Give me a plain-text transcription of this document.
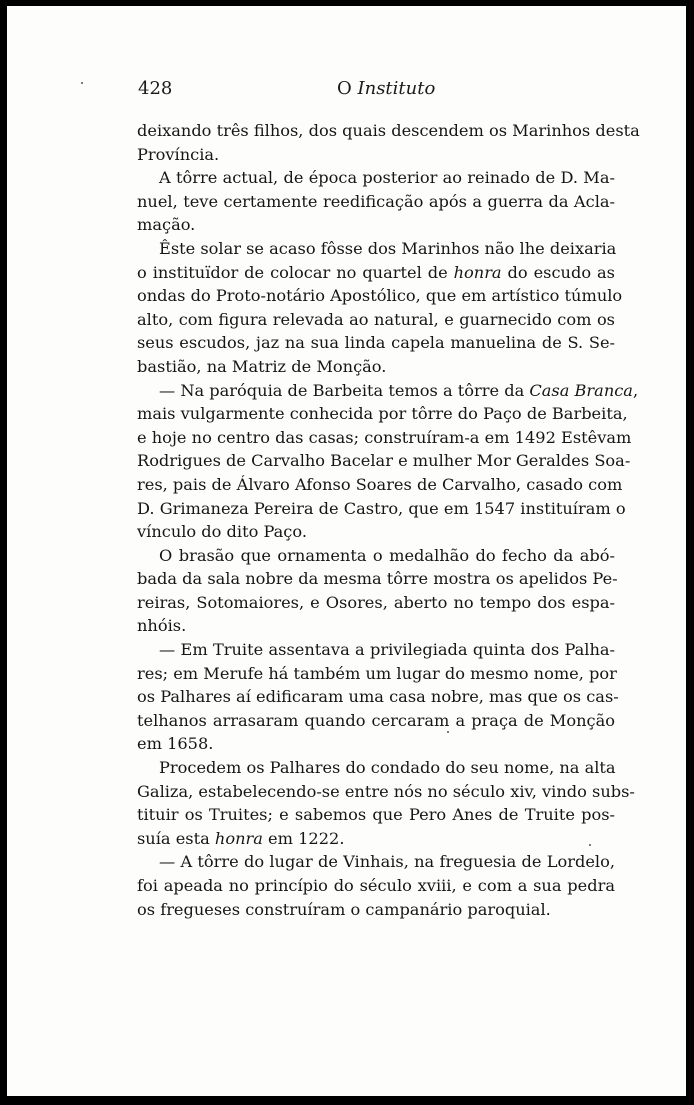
428	O Instituto
deixando três filhos, dos quais descendem os Marinhos desta
Província.
A tôrre actual, de época posterior ao reinado de D. Ma-
nuel, teve certamente reedificação após a guerra da Acla-
mação.
Êste solar se acaso fôsse dos Marinhos não lhe deixaria
o instituïdor de colocar no quartel de honra do escudo as
ondas do Proto-notário Apostólico, que em artístico túmulo
alto, com figura relevada ao natural, e guarnecido com os
seus escudos, jaz na sua linda capela manuelina de S. Se-
bastião, na Matriz de Monção.
— Na paróquia de Barbeita temos a tôrre da Casa Branca,
mais vulgarmente conhecida por tôrre do Paço de Barbeita,
e hoje no centro das casas; construíram-a em 1492 Estêvam
Rodrigues de Carvalho Bacelar e mulher Mor Geraldes Soa-
res, pais de Álvaro Afonso Soares de Carvalho, casado com
D. Grimaneza Pereira de Castro, que em 1547 instituíram o
vínculo do dito Paço.
O brasão que ornamenta o medalhão do fecho da abó-
bada da sala nobre da mesma tôrre mostra os apelidos Pe-
reiras, Sotomaiores, e Osores, aberto no tempo dos espa-
nhóis.
— Em Truite assentava a privilegiada quinta dos Palha-
res; em Merufe há também um lugar do mesmo nome, por
os Palhares aí edificaram uma casa nobre, mas que os cas-
telhanos arrasaram quando cercaram a praça de Monção
em 1658.
Procedem os Palhares do condado do seu nome, na alta
Galiza, estabelecendo-se entre nós no século xiv, vindo subs-
tituir os Truites; e sabemos que Pero Anes de Truite pos-
suía esta honra em 1222.
— A tôrre do lugar de Vinhais, na freguesia de Lordelo,
foi apeada no princípio do século xviii, e com a sua pedra
os fregueses construíram o campanário paroquial.
